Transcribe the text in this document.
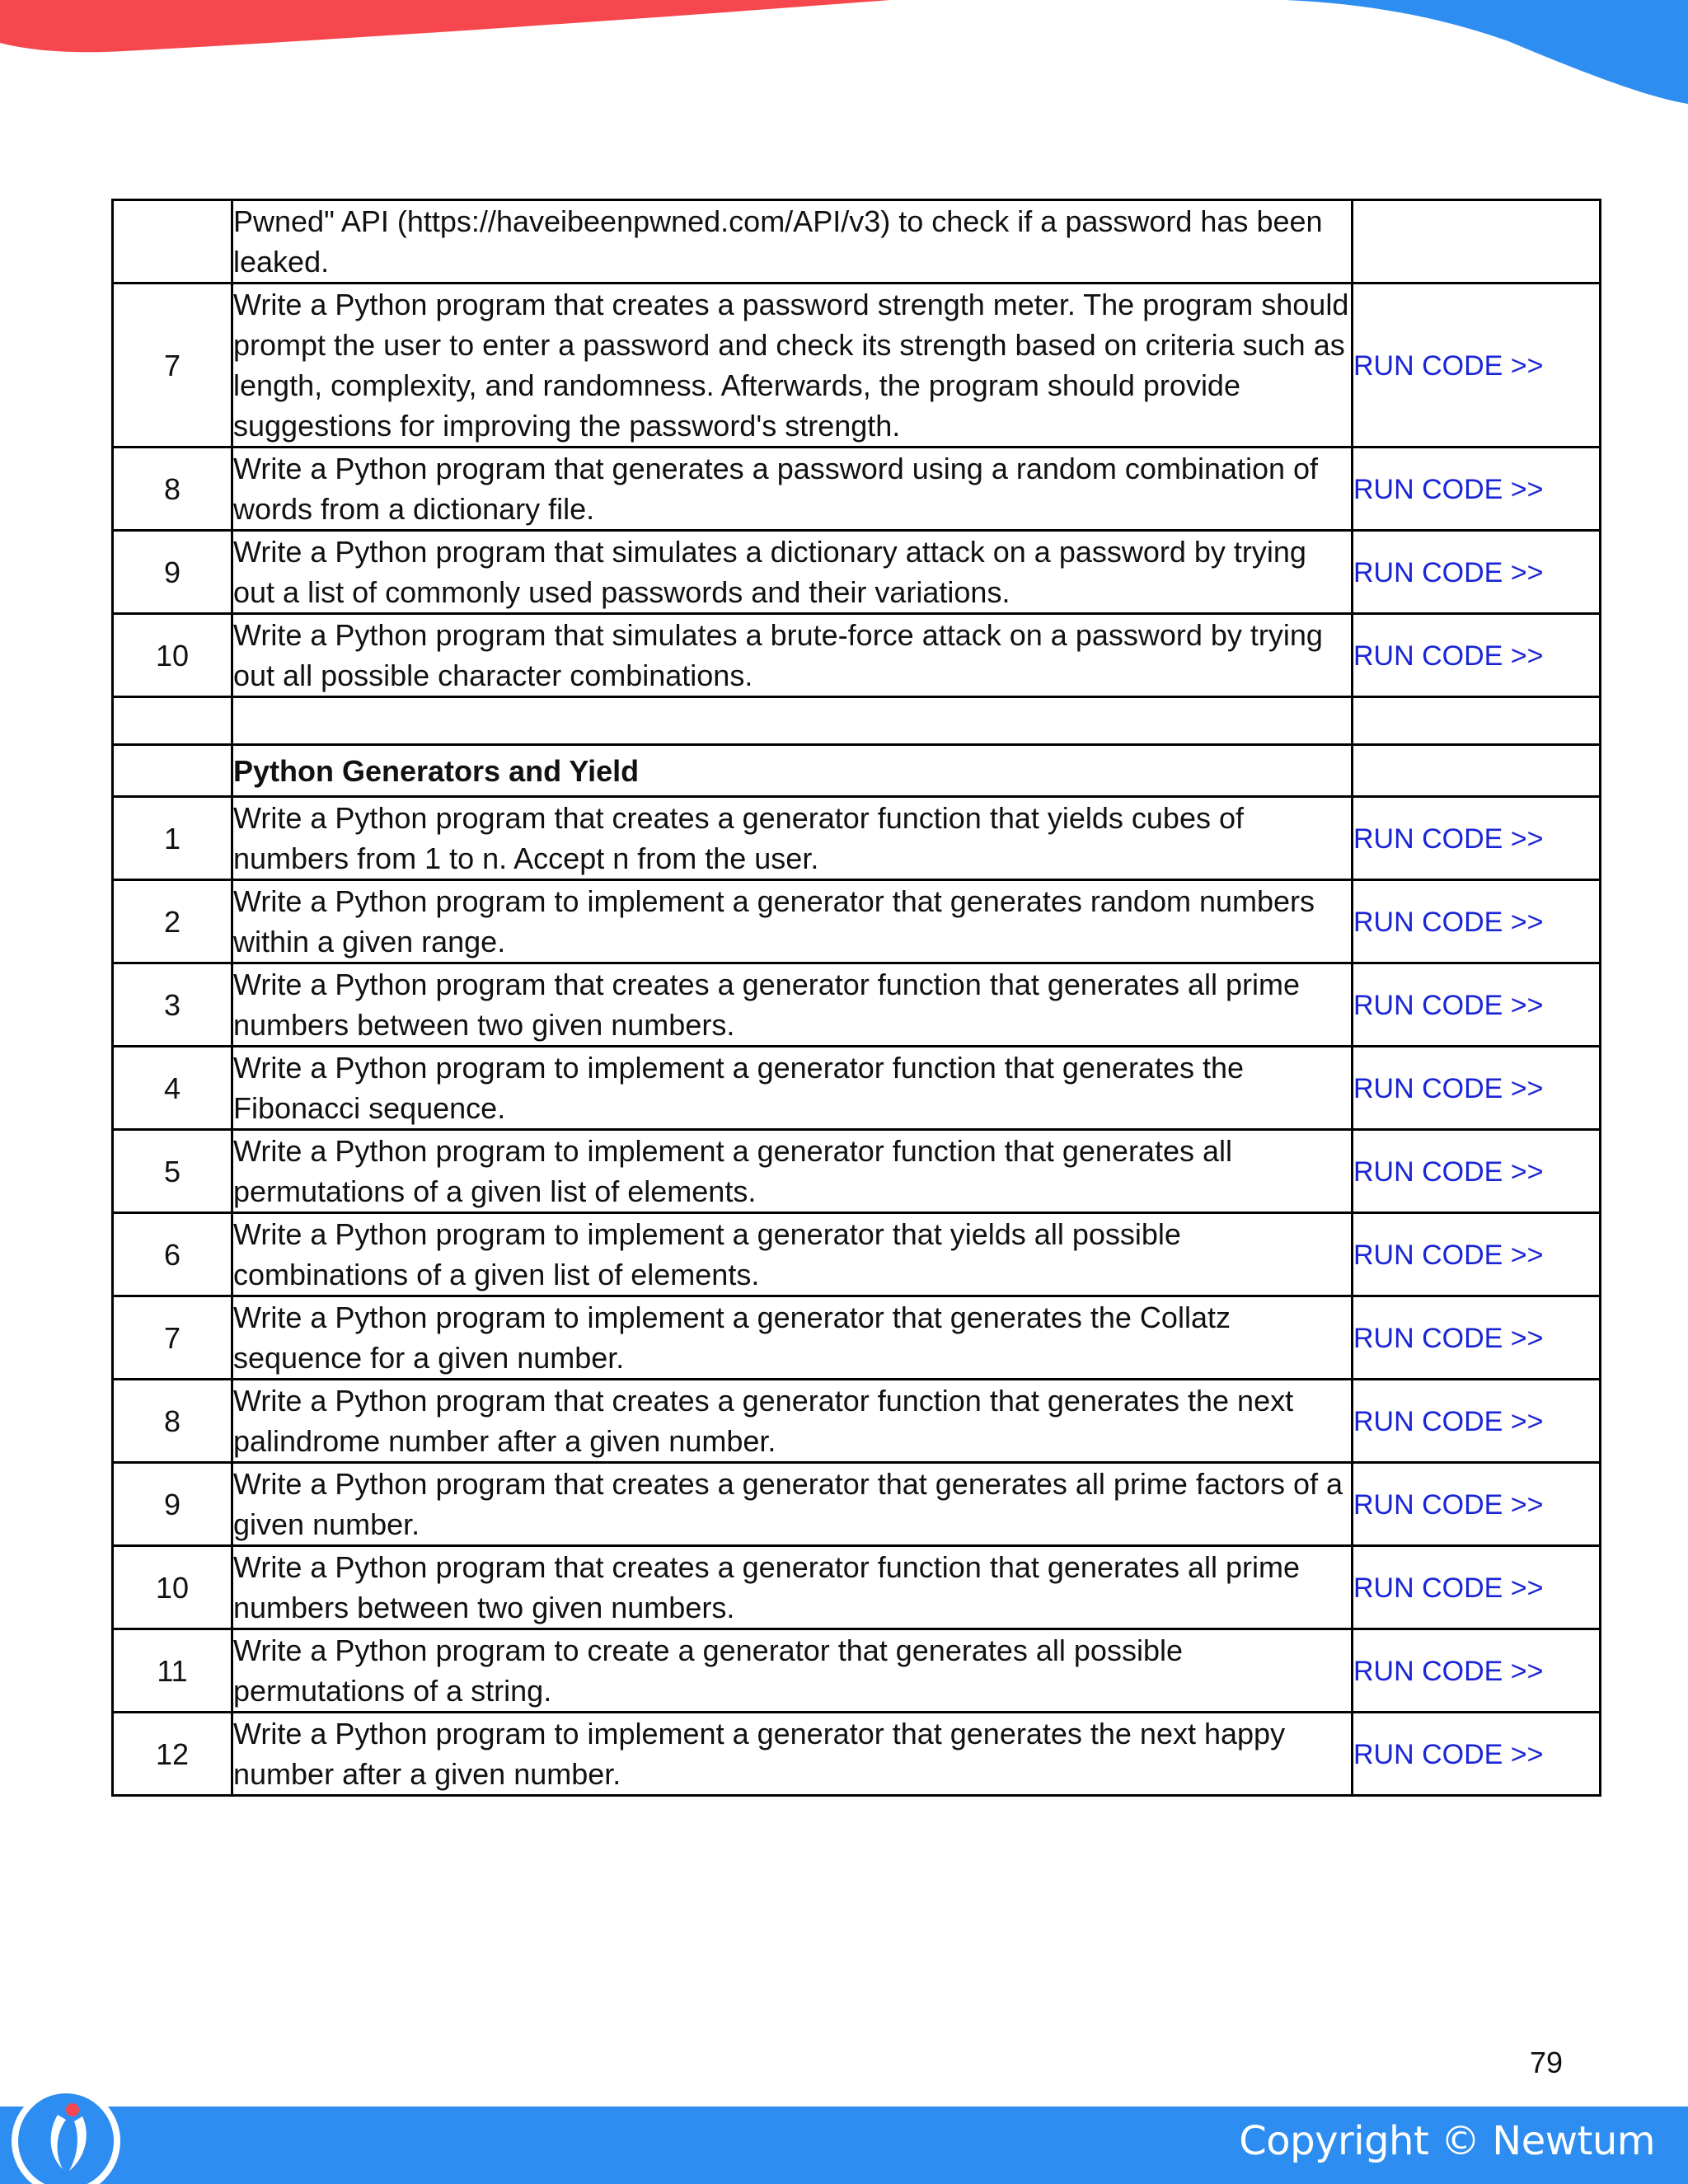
	Pwned" API (https://haveibeenpwned.com/API/v3) to check if a password has been leaked.	
7	Write a Python program that creates a password strength meter. The program should prompt the user to enter a password and check its strength based on criteria such as length, complexity, and randomness. Afterwards, the program should provide suggestions for improving the password's strength.	RUN CODE >>
8	Write a Python program that generates a password using a random combination of words from a dictionary file.	RUN CODE >>
9	Write a Python program that simulates a dictionary attack on a password by trying out a list of commonly used passwords and their variations.	RUN CODE >>
10	Write a Python program that simulates a brute-force attack on a password by trying out all possible character combinations.	RUN CODE >>

	Python Generators and Yield	
1	Write a Python program that creates a generator function that yields cubes of numbers from 1 to n. Accept n from the user.	RUN CODE >>
2	Write a Python program to implement a generator that generates random numbers within a given range.	RUN CODE >>
3	Write a Python program that creates a generator function that generates all prime numbers between two given numbers.	RUN CODE >>
4	Write a Python program to implement a generator function that generates the Fibonacci sequence.	RUN CODE >>
5	Write a Python program to implement a generator function that generates all permutations of a given list of elements.	RUN CODE >>
6	Write a Python program to implement a generator that yields all possible combinations of a given list of elements.	RUN CODE >>
7	Write a Python program to implement a generator that generates the Collatz sequence for a given number.	RUN CODE >>
8	Write a Python program that creates a generator function that generates the next palindrome number after a given number.	RUN CODE >>
9	Write a Python program that creates a generator that generates all prime factors of a given number.	RUN CODE >>
10	Write a Python program that creates a generator function that generates all prime numbers between two given numbers.	RUN CODE >>
11	Write a Python program to create a generator that generates all possible permutations of a string.	RUN CODE >>
12	Write a Python program to implement a generator that generates the next happy number after a given number.	RUN CODE >>
79
Copyright © Newtum
